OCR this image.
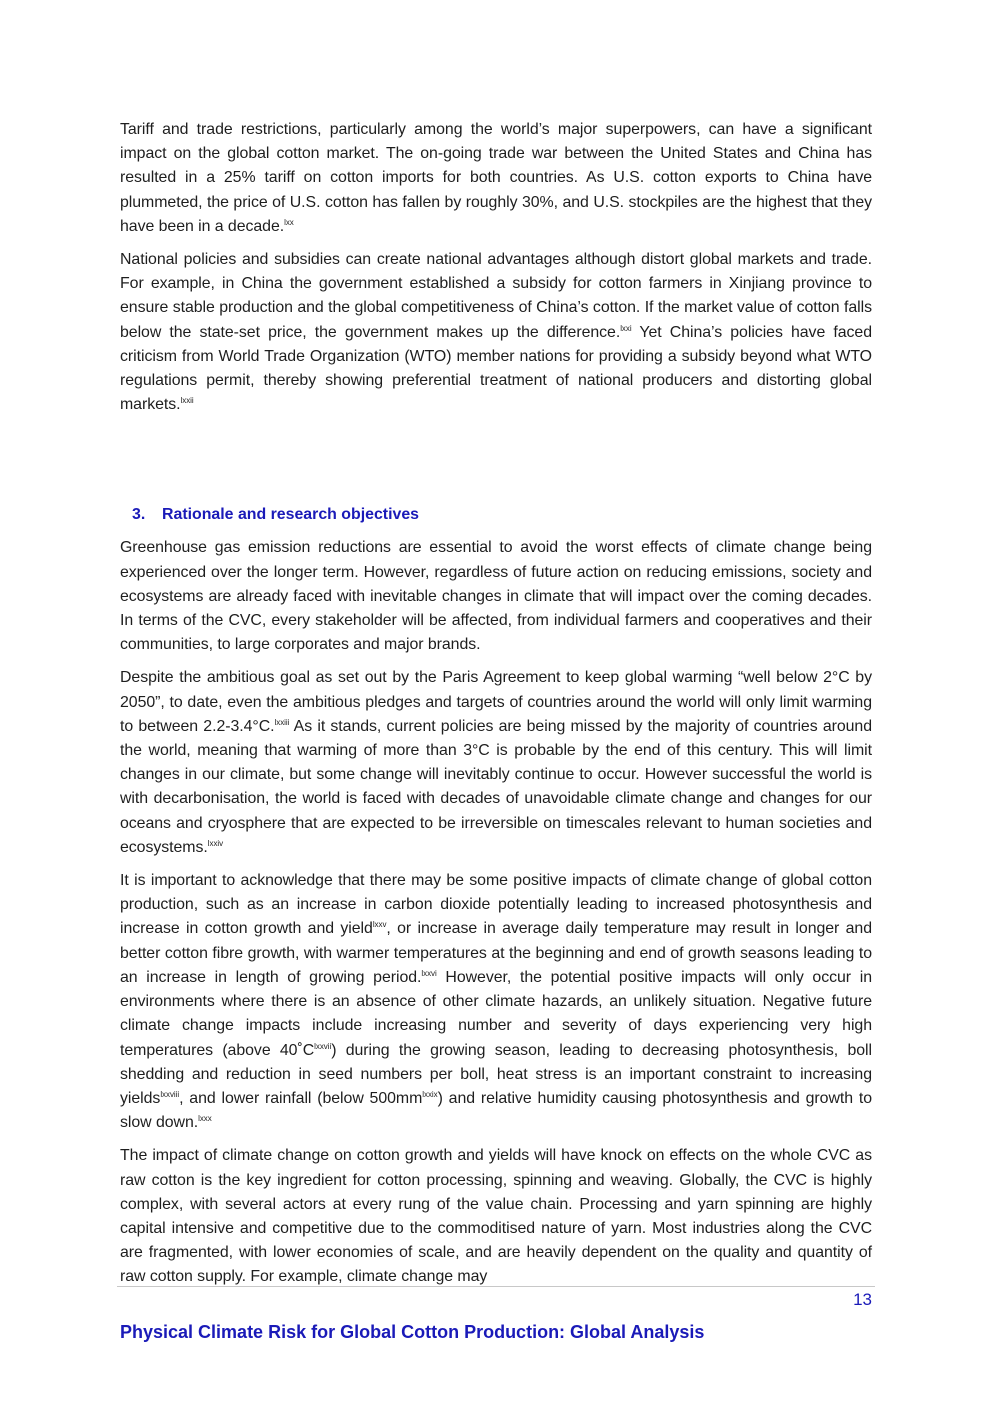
Tariff and trade restrictions, particularly among the world’s major superpowers, can have a significant impact on the global cotton market. The on-going trade war between the United States and China has resulted in a 25% tariff on cotton imports for both countries. As U.S. cotton exports to China have plummeted, the price of U.S. cotton has fallen by roughly 30%, and U.S. stockpiles are the highest that they have been in a decade.$^{lxx}$

National policies and subsidies can create national advantages although distort global markets and trade. For example, in China the government established a subsidy for cotton farmers in Xinjiang province to ensure stable production and the global competitiveness of China’s cotton. If the market value of cotton falls below the state-set price, the government makes up the difference.$^{lxxi}$ Yet China’s policies have faced criticism from World Trade Organization (WTO) member nations for providing a subsidy beyond what WTO regulations permit, thereby showing preferential treatment of national producers and distorting global markets.$^{lxxii}$

3. Rationale and research objectives

Greenhouse gas emission reductions are essential to avoid the worst effects of climate change being experienced over the longer term. However, regardless of future action on reducing emissions, society and ecosystems are already faced with inevitable changes in climate that will impact over the coming decades. In terms of the CVC, every stakeholder will be affected, from individual farmers and cooperatives and their communities, to large corporates and major brands.

Despite the ambitious goal as set out by the Paris Agreement to keep global warming “well below 2°C by 2050”, to date, even the ambitious pledges and targets of countries around the world will only limit warming to between 2.2-3.4°C.$^{lxxiii}$ As it stands, current policies are being missed by the majority of countries around the world, meaning that warming of more than 3°C is probable by the end of this century. This will limit changes in our climate, but some change will inevitably continue to occur. However successful the world is with decarbonisation, the world is faced with decades of unavoidable climate change and changes for our oceans and cryosphere that are expected to be irreversible on timescales relevant to human societies and ecosystems.$^{lxxiv}$

It is important to acknowledge that there may be some positive impacts of climate change of global cotton production, such as an increase in carbon dioxide potentially leading to increased photosynthesis and increase in cotton growth and yield$^{lxxv}$, or increase in average daily temperature may result in longer and better cotton fibre growth, with warmer temperatures at the beginning and end of growth seasons leading to an increase in length of growing period.$^{lxxvi}$ However, the potential positive impacts will only occur in environments where there is an absence of other climate hazards, an unlikely situation. Negative future climate change impacts include increasing number and severity of days experiencing very high temperatures (above $40˚C^{lxxvii}$) during the growing season, leading to decreasing photosynthesis, boll shedding and reduction in seed numbers per boll, heat stress is an important constraint to increasing yields$^{lxxviii}$, and lower rainfall (below $500mm^{lxxix}$) and relative humidity causing photosynthesis and growth to slow down.$^{lxxx}$

The impact of climate change on cotton growth and yields will have knock on effects on the whole CVC as raw cotton is the key ingredient for cotton processing, spinning and weaving. Globally, the CVC is highly complex, with several actors at every rung of the value chain. Processing and yarn spinning are highly capital intensive and competitive due to the commoditised nature of yarn. Most industries along the CVC are fragmented, with lower economies of scale, and are heavily dependent on the quality and quantity of raw cotton supply. For example, climate change may

13
Physical Climate Risk for Global Cotton Production: Global Analysis
